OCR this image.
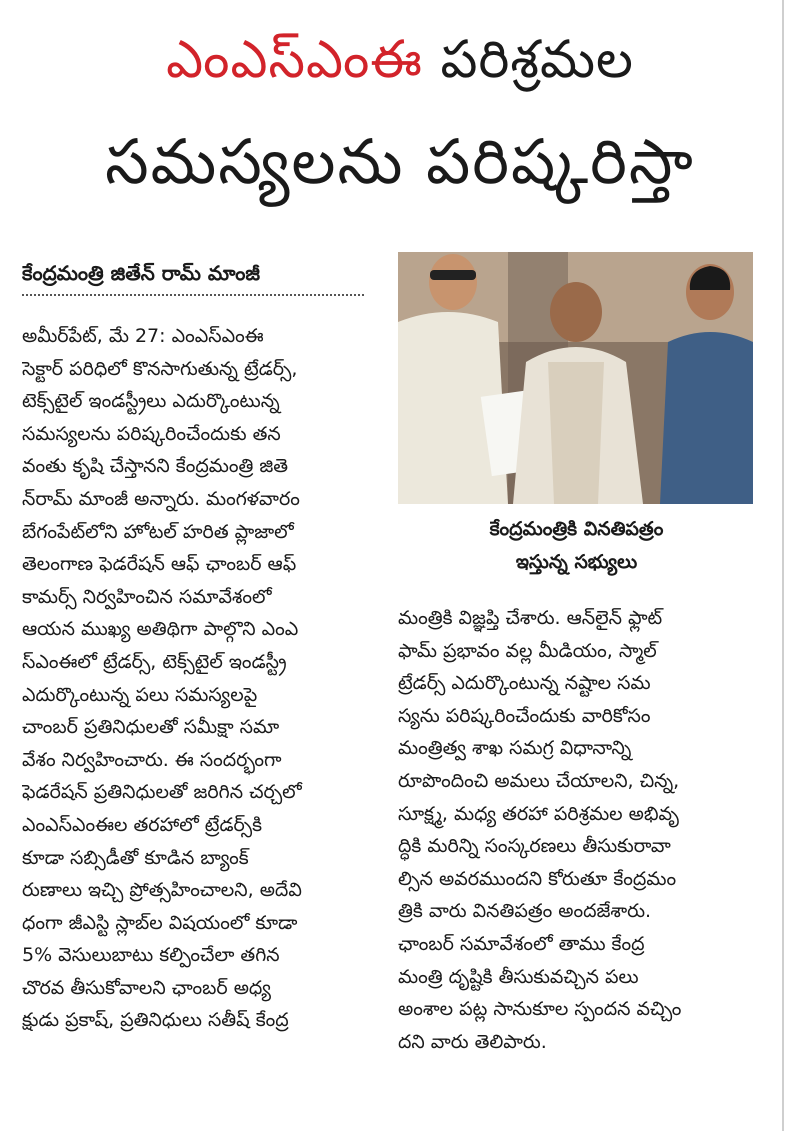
ఎంఎస్ఎంఈ పరిశ్రమల
సమస్యలను పరిష్కరిస్తా
కేంద్రమంత్రి జితేన్ రామ్ మాంజీ
అమీర్‌పేట్, మే 27: ఎంఎస్ఎంఈ
సెక్టార్ పరిధిలో కొనసాగుతున్న ట్రేడర్స్,
టెక్స్‌టైల్ ఇండస్ట్రీలు ఎదుర్కొంటున్న
సమస్యలను పరిష్కరించేందుకు తన
వంతు కృషి చేస్తానని కేంద్రమంత్రి జితె
న్‌రామ్ మాంజీ అన్నారు. మంగళవారం
బేగంపేట్‌లోని హోటల్ హరిత ప్లాజాలో
తెలంగాణ ఫెడరేషన్ ఆఫ్ ఛాంబర్ ఆఫ్
కామర్స్ నిర్వహించిన సమావేశంలో
ఆయన ముఖ్య అతిథిగా పాల్గొని ఎంఎ
స్ఎంఈలో ట్రేడర్స్, టెక్స్‌టైల్ ఇండస్ట్రీ
ఎదుర్కొంటున్న పలు సమస్యలపై
చాంబర్ ప్రతినిధులతో సమీక్షా సమా
వేశం నిర్వహించారు. ఈ సందర్భంగా
ఫెడరేషన్ ప్రతినిధులతో జరిగిన చర్చలో
ఎంఎస్ఎంఈల తరహాలో ట్రేడర్స్‌కి
కూడా సబ్సిడీతో కూడిన బ్యాంక్
రుణాలు ఇచ్చి ప్రోత్సహించాలని, అదేవి
ధంగా జీఎస్టి స్లాబ్‌ల విషయంలో కూడా
5% వెసులుబాటు కల్పించేలా తగిన
చొరవ తీసుకోవాలని ఛాంబర్ అధ్య
క్షుడు ప్రకాష్, ప్రతినిధులు సతీష్ కేంద్ర
కేంద్రమంత్రికి వినతిపత్రం
ఇస్తున్న సభ్యులు
మంత్రికి విజ్ఞప్తి చేశారు. ఆన్‌లైన్ ఫ్లాట్
ఫామ్ ప్రభావం వల్ల మీడియం, స్మాల్
ట్రేడర్స్ ఎదుర్కొంటున్న నష్టాల సమ
స్యను పరిష్కరించేందుకు వారికోసం
మంత్రిత్వ శాఖ సమగ్ర విధానాన్ని
రూపొందించి అమలు చేయాలని, చిన్న,
సూక్ష్మ, మధ్య తరహా పరిశ్రమల అభివృ
ద్ధికి మరిన్ని సంస్కరణలు తీసుకురావా
ల్సిన అవరముందని కోరుతూ కేంద్రమం
త్రికి వారు వినతిపత్రం అందజేశారు.
ఛాంబర్ సమావేశంలో తాము కేంద్ర
మంత్రి దృష్టికి తీసుకువచ్చిన పలు
అంశాల పట్ల సానుకూల స్పందన వచ్చిం
దని వారు తెలిపారు.
